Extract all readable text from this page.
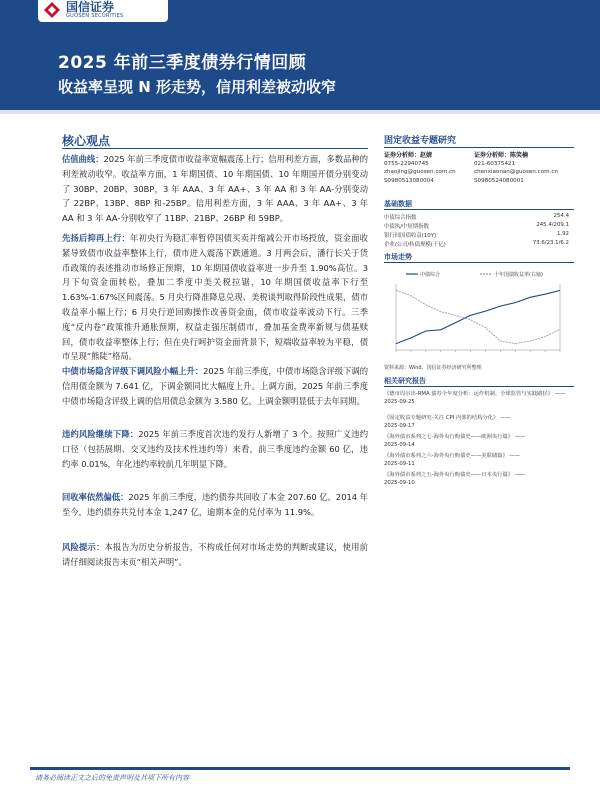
国信证券
GUOSEN SECURITIES
2025 年前三季度债券行情回顾
收益率呈现 N 形走势，信用利差被动收窄
核心观点
估值曲线：2025 年前三季度债市收益率宽幅震荡上行；信用利差方面，多数品种的利差被动收窄。收益率方面，1 年期国债、10 年期国债、10 年期国开债分别变动了 30BP、20BP、30BP，3 年 AAA、3 年 AA+、3 年 AA 和 3 年 AA-分别变动了 22BP、13BP、8BP 和-25BP。信用利差方面，3 年 AAA、3 年 AA+、3 年 AA 和 3 年 AA-分别收窄了 11BP、21BP、26BP 和 59BP。
先扬后抑再上行：年初央行为稳汇率暂停国债买卖并缩减公开市场投放，资金面收紧导致债市收益率整体上行，债市进入震荡下跌通道。3 月两会后，潘行长关于货币政策的表述推动市场修正预期，10 年期国债收益率进一步升至 1.90%高位。3 月下旬资金面转松，叠加二季度中美关税拉锯，10 年期国债收益率下行至 1.63%-1.67%区间震荡。5 月央行降准降息兑现、美税谈判取得阶段性成果，债市收益率小幅上行；6 月央行逆回购操作改善资金面，债市收益率波动下行。三季度“反内卷”政策推升通胀预期，权益走强压制债市，叠加基金费率新规与债基赎回，债市收益率整体上行；但在央行呵护资金面背景下，短端收益率较为平稳，债市呈现“熊陡”格局。
中债市场隐含评级下调风险小幅上升：2025 年前三季度，中债市场隐含评级下调的信用债金额为 7.641 亿，下调金额同比大幅度上升。上调方面，2025 年前三季度中债市场隐含评级上调的信用债总金额为 3.580 亿，上调金额明显低于去年同期。
违约风险继续下降：2025 年前三季度首次违约发行人新增了 3 个。按照广义违约口径（包括展期、交叉违约及技术性违约等）来看，前三季度违约金额 60 亿，违约率 0.01%，年化违约率较前几年明显下降。
回收率依然偏低：2025 年前三季度，违约债券共回收了本金 207.60 亿。2014 年至今，违约债券共兑付本金 1,247 亿，逾期本金的兑付率为 11.9%。
风险提示：本报告为历史分析报告，不构成任何对市场走势的判断或建议，使用前请仔细阅读报告末页“相关声明”。
固定收益专题研究
证券分析师：赵婧
0755-22940745
zhaojing@guosen.com.cn
S0980513080004
证券分析师：陈笑楠
021-60375421
chenxiaonan@guosen.com.cn
S0980524080001
基础数据
中债综合指数	254.4
中债执/中短期指数	245.4/209.1
银行间国债收益(10Y)	1.92
企业/公司/转债规模(千亿)	73.6/23.1/6.2
市场走势
中债综合	十年国债收益率(右轴)
资料来源：Wind、国信证券经济研究所整理
相关研究报告
《德市周尔出-RMA 债券全年度分析：运作机制、全球监管与实践路径》 ——2025-09-25
《固定收益专题研究-关注 CPI 内部的结构分化》 ——
2025-09-17
《海外债市系列之七-海外央行购债史——欧洲央行篇》 ——
2025-09-14
《海外债市系列之六-海外央行购债史——美联储篇》 ——
2025-09-11
《海外债市系列之五-海外央行购债史——日本央行篇》 ——
2025-09-10
请务必阅读正文之后的免责声明及其项下所有内容
